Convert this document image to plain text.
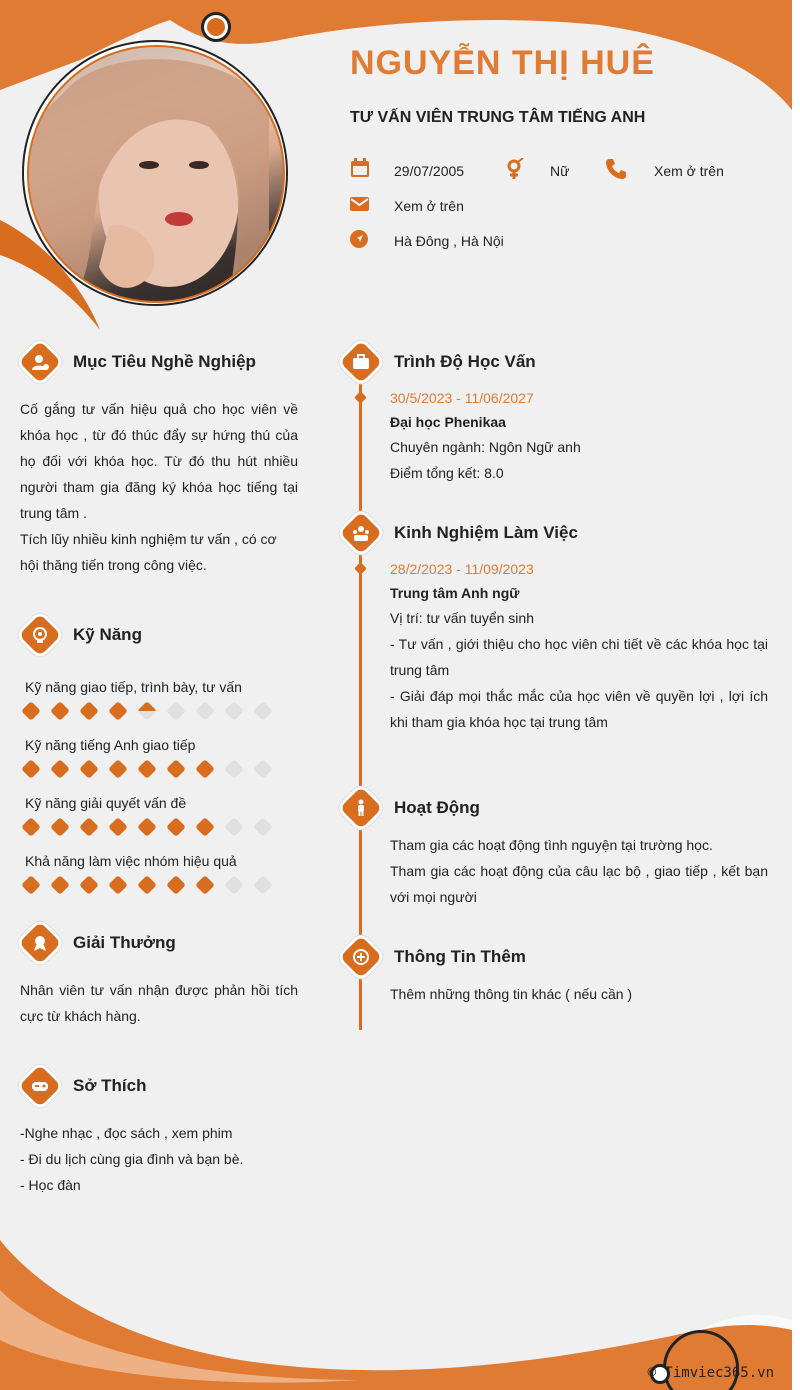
NGUYỄN THỊ HUÊ
TƯ VẤN VIÊN TRUNG TÂM TIẾNG ANH
29/07/2005	Nữ	Xem ở trên
Xem ở trên
Hà Đông , Hà Nội
Mục Tiêu Nghề Nghiệp
Cố gắng tư vấn hiệu quả cho học viên về khóa học , từ đó thúc đẩy sự hứng thú của họ đối với khóa học. Từ đó thu hút nhiều người tham gia đăng ký khóa học tiếng tại trung tâm .
Tích lũy nhiều kinh nghiệm tư vấn , có cơ hội thăng tiến trong công việc.
Kỹ Năng
Kỹ năng giao tiếp, trình bày, tư vấn
Kỹ năng tiếng Anh giao tiếp
Kỹ năng giải quyết vấn đề
Khả năng làm việc nhóm hiệu quả
Giải Thưởng
Nhân viên tư vấn nhận được phản hồi tích cực từ khách hàng.
Sở Thích
-Nghe nhạc , đọc sách , xem phim
- Đi du lịch cùng gia đình và bạn bè.
- Học đàn
Trình Độ Học Vấn
30/5/2023 - 11/06/2027
Đại học Phenikaa
Chuyên ngành: Ngôn Ngữ anh
Điểm tổng kết: 8.0
Kinh Nghiệm Làm Việc
28/2/2023 - 11/09/2023
Trung tâm Anh ngữ
Vị trí: tư vấn tuyển sinh
- Tư vấn , giới thiệu cho học viên chi tiết về các khóa học tại trung tâm
- Giải đáp mọi thắc mắc của học viên về quyền lợi , lợi ích khi tham gia khóa học tại trung tâm
Hoạt Động
Tham gia các hoạt động tình nguyện tại trường học.
Tham gia các hoạt động của câu lạc bộ , giao tiếp , kết bạn với mọi người
Thông Tin Thêm
Thêm những thông tin khác ( nếu cần )
© Timviec365.vn
